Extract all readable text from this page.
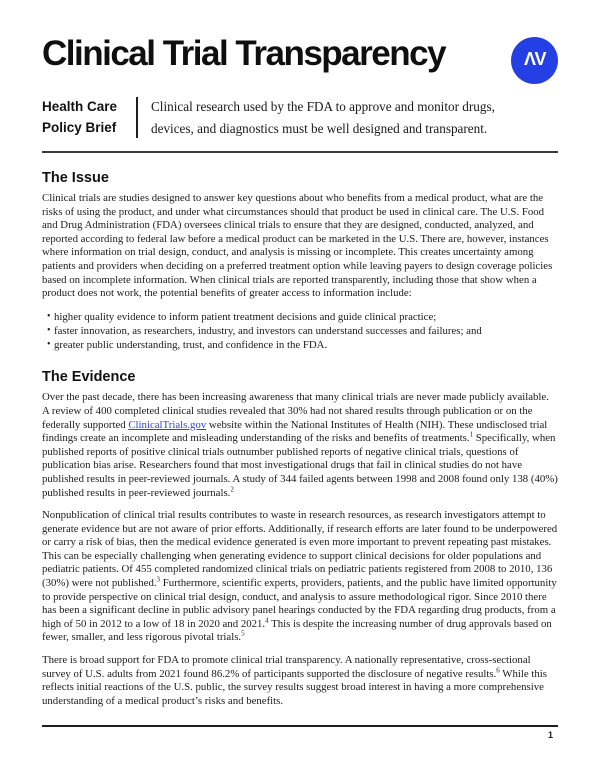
Clinical Trial Transparency	ΛV
Health Care
Policy Brief
Clinical research used by the FDA to approve and monitor drugs,
devices, and diagnostics must be well designed and transparent.
The Issue

Clinical trials are studies designed to answer key questions about who benefits from a medical product, what are the risks of using the product, and under what circumstances should that product be used in clinical care. The U.S. Food and Drug Administration (FDA) oversees clinical trials to ensure that they are designed, conducted, analyzed, and reported according to federal law before a medical product can be marketed in the U.S. There are, however, instances where information on trial design, conduct, and analysis is missing or incomplete. This creates uncertainty among patients and providers when deciding on a preferred treatment option while leaving payers to design coverage policies based on incomplete information. When clinical trials are reported transparently, including those that show when a product does not work, the potential benefits of greater access to information include:

• higher quality evidence to inform patient treatment decisions and guide clinical practice;
• faster innovation, as researchers, industry, and investors can understand successes and failures; and
• greater public understanding, trust, and confidence in the FDA.
The Evidence

Over the past decade, there has been increasing awareness that many clinical trials are never made publicly available. A review of 400 completed clinical studies revealed that 30% had not shared results through publication or on the federally supported ClinicalTrials.gov website within the National Institutes of Health (NIH). These undisclosed trial findings create an incomplete and misleading understanding of the risks and benefits of treatments.$^1$ Specifically, when published reports of positive clinical trials outnumber published reports of negative clinical trials, questions of publication bias arise. Researchers found that most investigational drugs that fail in clinical studies do not have published results in peer-reviewed journals. A study of 344 failed agents between 1998 and 2008 found only 138 (40%) published results in peer-reviewed journals.$^2$

Nonpublication of clinical trial results contributes to waste in research resources, as research investigators attempt to generate evidence but are not aware of prior efforts. Additionally, if research efforts are later found to be underpowered or carry a risk of bias, then the medical evidence generated is even more important to prevent repeating past mistakes. This can be especially challenging when generating evidence to support clinical decisions for older populations and pediatric patients. Of 455 completed randomized clinical trials on pediatric patients registered from 2008 to 2010, 136 (30%) were not published.$^3$ Furthermore, scientific experts, providers, patients, and the public have limited opportunity to provide perspective on clinical trial design, conduct, and analysis to assure methodological rigor. Since 2010 there has been a significant decline in public advisory panel hearings conducted by the FDA regarding drug products, from a high of 50 in 2012 to a low of 18 in 2020 and 2021.$^4$ This is despite the increasing number of drug approvals based on fewer, smaller, and less rigorous pivotal trials.$^5$

There is broad support for FDA to promote clinical trial transparency. A nationally representative, cross-sectional survey of U.S. adults from 2021 found 86.2% of participants supported the disclosure of negative results.$^6$ While this reflects initial reactions of the U.S. public, the survey results suggest broad interest in having a more comprehensive understanding of a medical product’s risks and benefits.

1
